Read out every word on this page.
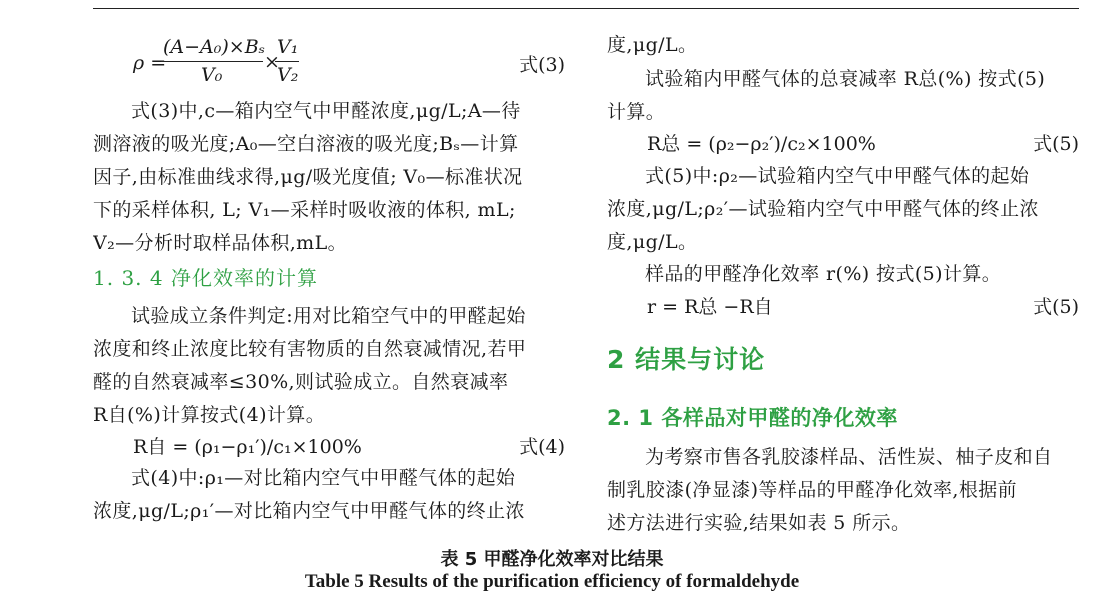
ρ =
(A−A₀)×Bₛ
V₀
×
V₁
V₂	式(3)
式(3)中,c—箱内空气中甲醛浓度,μg/L;A—待
测溶液的吸光度;A₀—空白溶液的吸光度;Bₛ—计算
因子,由标准曲线求得,μg/吸光度值; V₀—标准状况
下的采样体积, L; V₁—采样时吸收液的体积, mL;
V₂—分析时取样品体积,mL。
1. 3. 4 净化效率的计算
试验成立条件判定:用对比箱空气中的甲醛起始
浓度和终止浓度比较有害物质的自然衰减情况,若甲
醛的自然衰减率≤30%,则试验成立。自然衰减率
R自(%)计算按式(4)计算。
R自 = (ρ₁−ρ₁′)/c₁×100%	式(4)
式(4)中:ρ₁—对比箱内空气中甲醛气体的起始
浓度,μg/L;ρ₁′—对比箱内空气中甲醛气体的终止浓
度,μg/L。
试验箱内甲醛气体的总衰减率 R总(%) 按式(5)
计算。
R总 = (ρ₂−ρ₂′)/c₂×100%	式(5)
式(5)中:ρ₂—试验箱内空气中甲醛气体的起始
浓度,μg/L;ρ₂′—试验箱内空气中甲醛气体的终止浓
度,μg/L。
样品的甲醛净化效率 r(%) 按式(5)计算。
r = R总 −R自	式(5)
2 结果与讨论
2. 1 各样品对甲醛的净化效率
为考察市售各乳胶漆样品、活性炭、柚子皮和自
制乳胶漆(净显漆)等样品的甲醛净化效率,根据前
述方法进行实验,结果如表 5 所示。
表 5 甲醛净化效率对比结果
Table 5 Results of the purification efficiency of formaldehyde
